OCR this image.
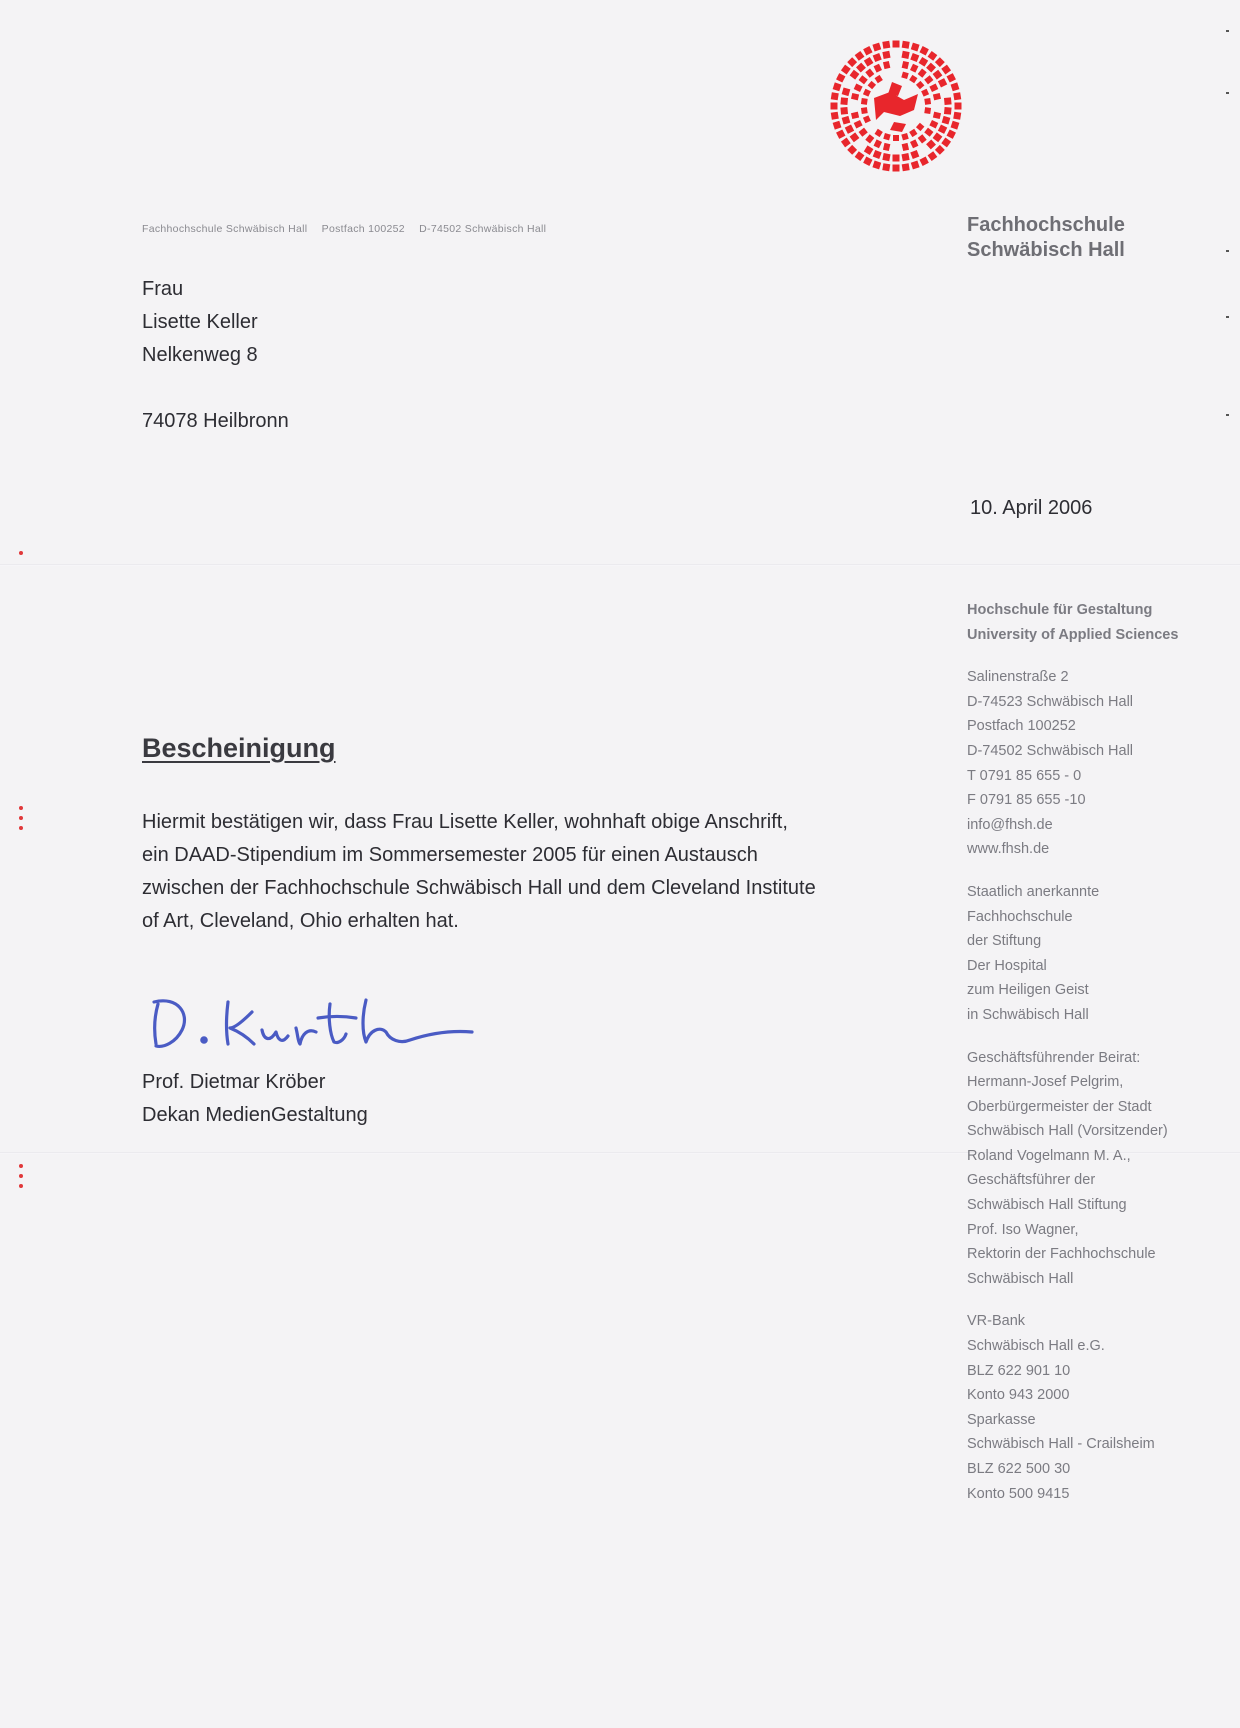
Fachhochschule
Schwäbisch Hall
Fachhochschule Schwäbisch Hall Postfach 100252 D-74502 Schwäbisch Hall
Frau
Lisette Keller
Nelkenweg 8
74078 Heilbronn
10. April 2006
Hochschule für Gestaltung
University of Applied Sciences
Salinenstraße 2
D-74523 Schwäbisch Hall
Postfach 100252
D-74502 Schwäbisch Hall
T 0791 85 655 - 0
F 0791 85 655 -10
info@fhsh.de
www.fhsh.de
Staatlich anerkannte
Fachhochschule
der Stiftung
Der Hospital
zum Heiligen Geist
in Schwäbisch Hall
Geschäftsführender Beirat:
Hermann-Josef Pelgrim,
Oberbürgermeister der Stadt
Schwäbisch Hall (Vorsitzender)
Roland Vogelmann M. A.,
Geschäftsführer der
Schwäbisch Hall Stiftung
Prof. Iso Wagner,
Rektorin der Fachhochschule
Schwäbisch Hall
VR-Bank
Schwäbisch Hall e.G.
BLZ 622 901 10
Konto 943 2000
Sparkasse
Schwäbisch Hall - Crailsheim
BLZ 622 500 30
Konto 500 9415
Bescheinigung
Hiermit bestätigen wir, dass Frau Lisette Keller, wohnhaft obige Anschrift,
ein DAAD-Stipendium im Sommersemester 2005 für einen Austausch
zwischen der Fachhochschule Schwäbisch Hall und dem Cleveland Institute
of Art, Cleveland, Ohio erhalten hat.
Prof. Dietmar Kröber
Dekan MedienGestaltung
